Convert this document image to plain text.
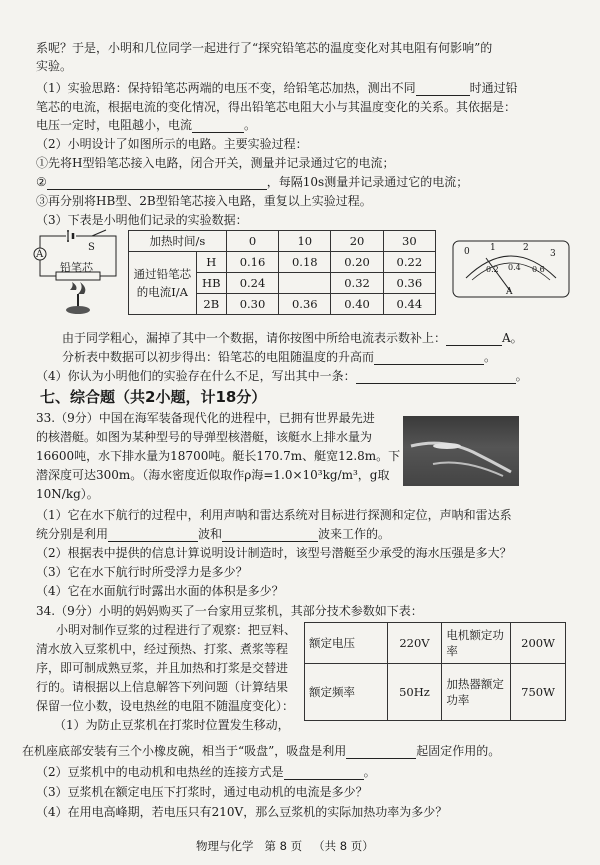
系呢？于是，小明和几位同学一起进行了“探究铅笔芯的温度变化对其电阻有何影响”的
实验。
（1）实验思路：保持铅笔芯两端的电压不变，给铅笔芯加热，测出不同	时通过铅
笔芯的电流，根据电流的变化情况，得出铅笔芯电阻大小与其温度变化的关系。其依据是：
电压一定时，电阻越小，电流	。
（2）小明设计了如图所示的电路。主要实验过程：
①先将H型铅笔芯接入电路，闭合开关，测量并记录通过它的电流；
②	，每隔10s测量并记录通过它的电流；
③再分别将HB型、2B型铅笔芯接入电路，重复以上实验过程。
（3）下表是小明他们记录的实验数据：
A
S
铅笔芯
加热时间/s		0	10	20	30
通过铅笔芯的电流I/A	H	0.16	0.18	0.20	0.22
	HB	0.24		0.32	0.36
	2B	0.30	0.36	0.40	0.44
0 1	2
3
0.2 0.4 0.6
A
由于同学粗心，漏掉了其中一个数据，请你按图中所给电流表示数补上：	A。
分析表中数据可以初步得出：铅笔芯的电阻随温度的升高而	。
（4）你认为小明他们的实验存在什么不足，写出其中一条：	。
七、综合题（共2小题，计18分）
33.（9分）中国在海军装备现代化的进程中，已拥有世界最先进
的核潜艇。如图为某种型号的导弹型核潜艇，该艇水上排水量为
16600吨，水下排水量为18700吨。艇长170.7m、艇宽12.8m。下
潜深度可达300m。（海水密度近似取作ρ海=1.0×10³kg/m³，g取
10N/kg）。
（1）它在水下航行的过程中，利用声呐和雷达系统对目标进行探测和定位，声呐和雷达系
统分别是利用	波和	波来工作的。
（2）根据表中提供的信息计算说明设计制造时，该型号潜艇至少承受的海水压强是多大？
（3）它在水下航行时所受浮力是多少？
（4）它在水面航行时露出水面的体积是多少？
34.（9分）小明的妈妈购买了一台家用豆浆机，其部分技术参数如下表：
小明对制作豆浆的过程进行了观察：把豆料、
清水放入豆浆机中，经过预热、打浆、煮浆等程
序，即可制成熟豆浆，并且加热和打浆是交替进
行的。请根据以上信息解答下列问题（计算结果
保留一位小数，设电热丝的电阻不随温度变化）：
（1）为防止豆浆机在打浆时位置发生移动，
额定电压	220V	电机额定功率	200W
额定频率	50Hz	加热器额定功率	750W
在机座底部安装有三个小橡皮碗，相当于“吸盘”，吸盘是利用	起固定作用的。
（2）豆浆机中的电动机和电热丝的连接方式是	。
（3）豆浆机在额定电压下打浆时，通过电动机的电流是多少？
（4）在用电高峰期，若电压只有210V，那么豆浆机的实际加热功率为多少？
物理与化学 第 8 页 （共 8 页）
